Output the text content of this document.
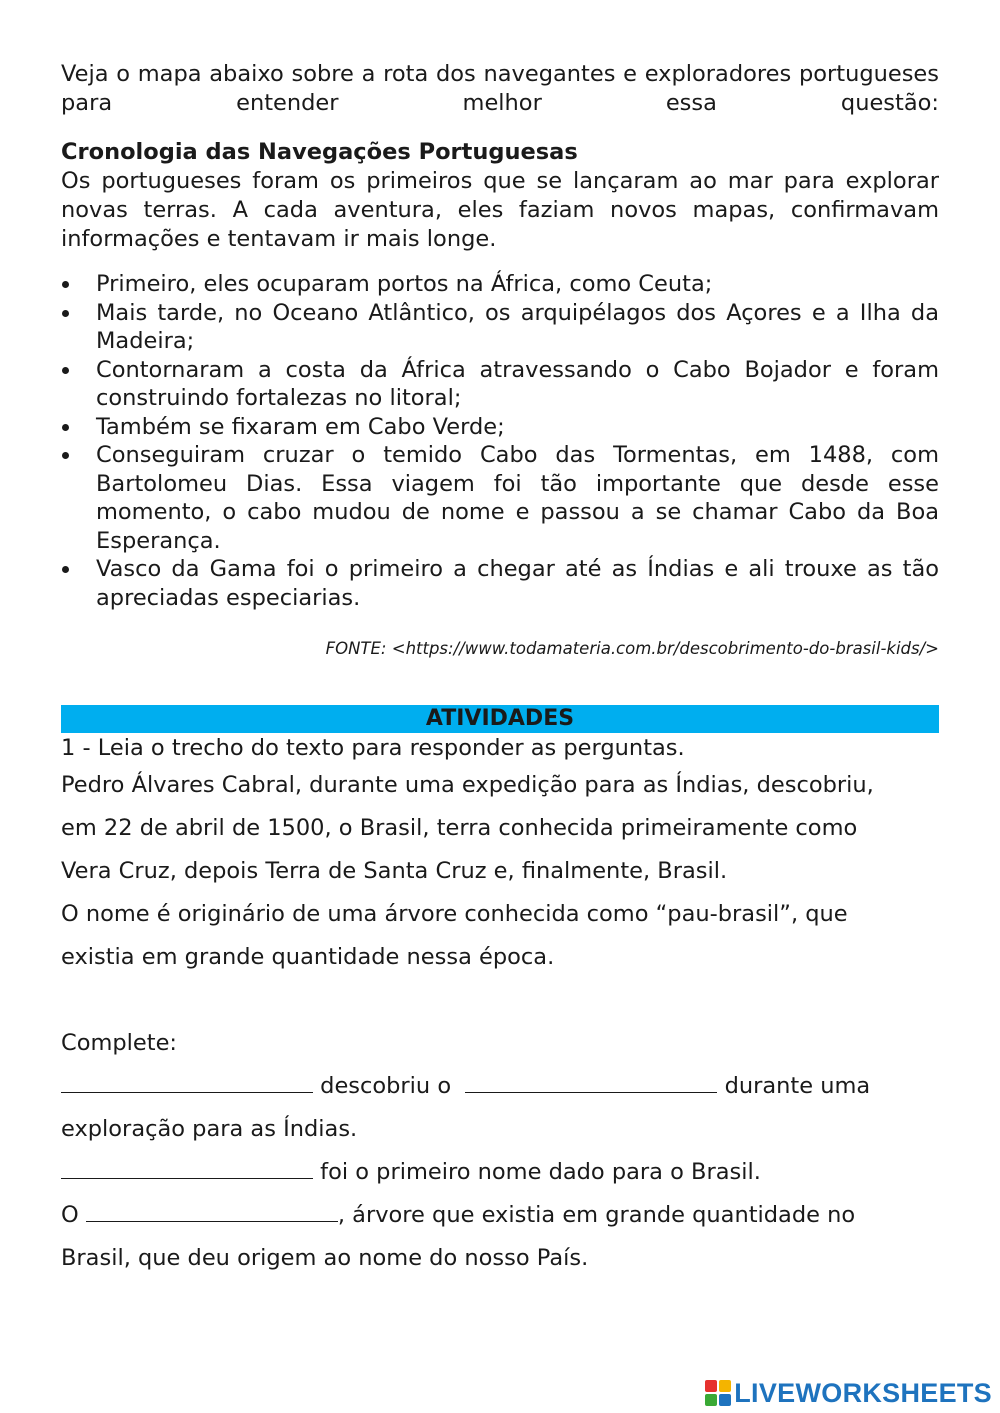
Veja o mapa abaixo sobre a rota dos navegantes e exploradores portugueses para entender melhor essa questão:

Cronologia das Navegações Portuguesas

Os portugueses foram os primeiros que se lançaram ao mar para explorar novas terras. A cada aventura, eles faziam novos mapas, confirmavam informações e tentavam ir mais longe.

Primeiro, eles ocuparam portos na África, como Ceuta;
Mais tarde, no Oceano Atlântico, os arquipélagos dos Açores e a Ilha da Madeira;
Contornaram a costa da África atravessando o Cabo Bojador e foram construindo fortalezas no litoral;
Também se fixaram em Cabo Verde;
Conseguiram cruzar o temido Cabo das Tormentas, em 1488, com Bartolomeu Dias. Essa viagem foi tão importante que desde esse momento, o cabo mudou de nome e passou a se chamar Cabo da Boa Esperança.
Vasco da Gama foi o primeiro a chegar até as Índias e ali trouxe as tão apreciadas especiarias.
FONTE: <https://www.todamateria.com.br/descobrimento-do-brasil-kids/>
ATIVIDADES

1 - Leia o trecho do texto para responder as perguntas.

Pedro Álvares Cabral, durante uma expedição para as Índias, descobriu,

em 22 de abril de 1500, o Brasil, terra conhecida primeiramente como

Vera Cruz, depois Terra de Santa Cruz e, finalmente, Brasil.

O nome é originário de uma árvore conhecida como “pau-brasil”, que

existia em grande quantidade nessa época.

Complete:

descobriu o	durante uma

exploração para as Índias.

foi o primeiro nome dado para o Brasil.

O	, árvore que existia em grande quantidade no

Brasil, que deu origem ao nome do nosso País.

LIVEWORKSHEETS
